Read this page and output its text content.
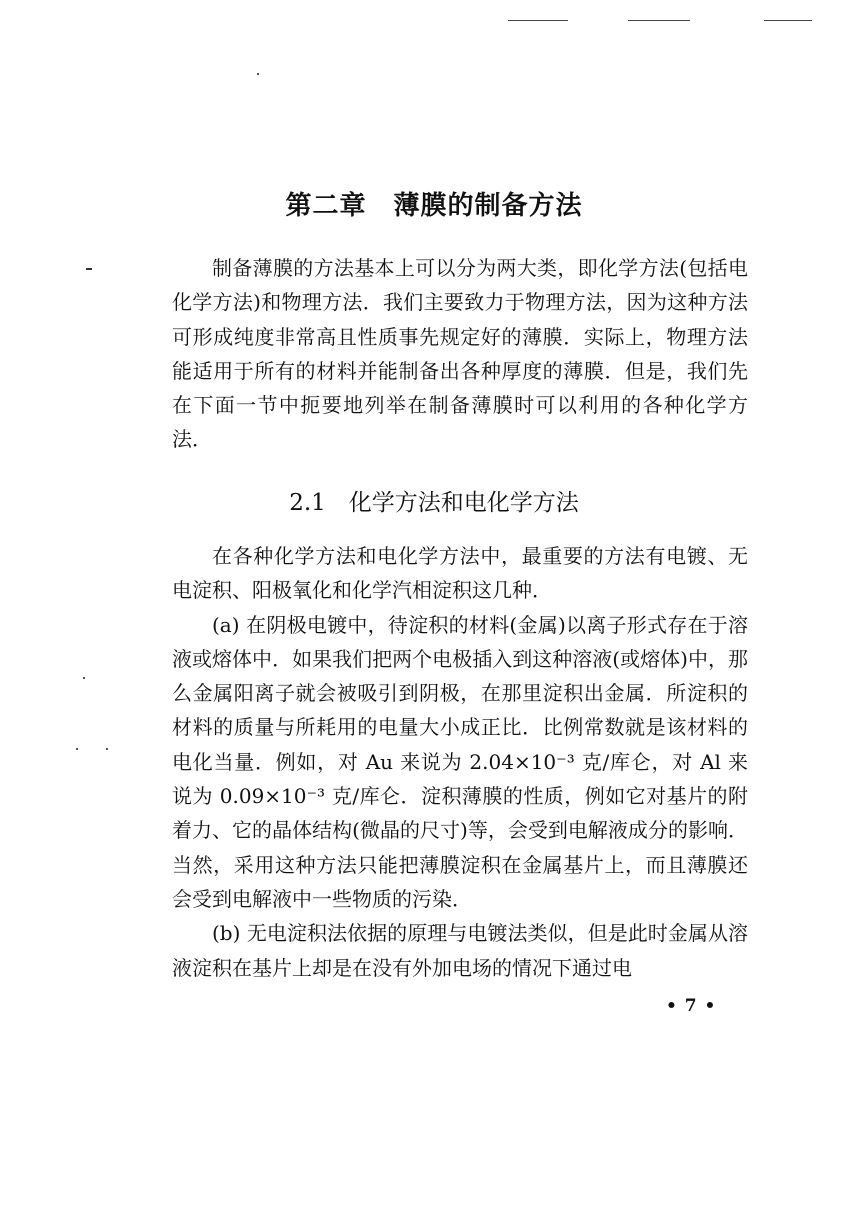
第二章　薄膜的制备方法

制备薄膜的方法基本上可以分为两大类，即化学方法(包括电化学方法)和物理方法．我们主要致力于物理方法，因为这种方法可形成纯度非常高且性质事先规定好的薄膜．实际上，物理方法能适用于所有的材料并能制备出各种厚度的薄膜．但是，我们先在下面一节中扼要地列举在制备薄膜时可以利用的各种化学方法．

2.1　化学方法和电化学方法

在各种化学方法和电化学方法中，最重要的方法有电镀、无电淀积、阳极氧化和化学汽相淀积这几种．

(a) 在阴极电镀中，待淀积的材料(金属)以离子形式存在于溶液或熔体中．如果我们把两个电极插入到这种溶液(或熔体)中，那么金属阳离子就会被吸引到阴极，在那里淀积出金属．所淀积的材料的质量与所耗用的电量大小成正比．比例常数就是该材料的电化当量．例如，对 Au 来说为 2.04×10⁻³ 克/库仑，对 Al 来说为 0.09×10⁻³ 克/库仑．淀积薄膜的性质，例如它对基片的附着力、它的晶体结构(微晶的尺寸)等，会受到电解液成分的影响．当然，采用这种方法只能把薄膜淀积在金属基片上，而且薄膜还会受到电解液中一些物质的污染．

(b) 无电淀积法依据的原理与电镀法类似，但是此时金属从溶液淀积在基片上却是在没有外加电场的情况下通过电

• 7 •
